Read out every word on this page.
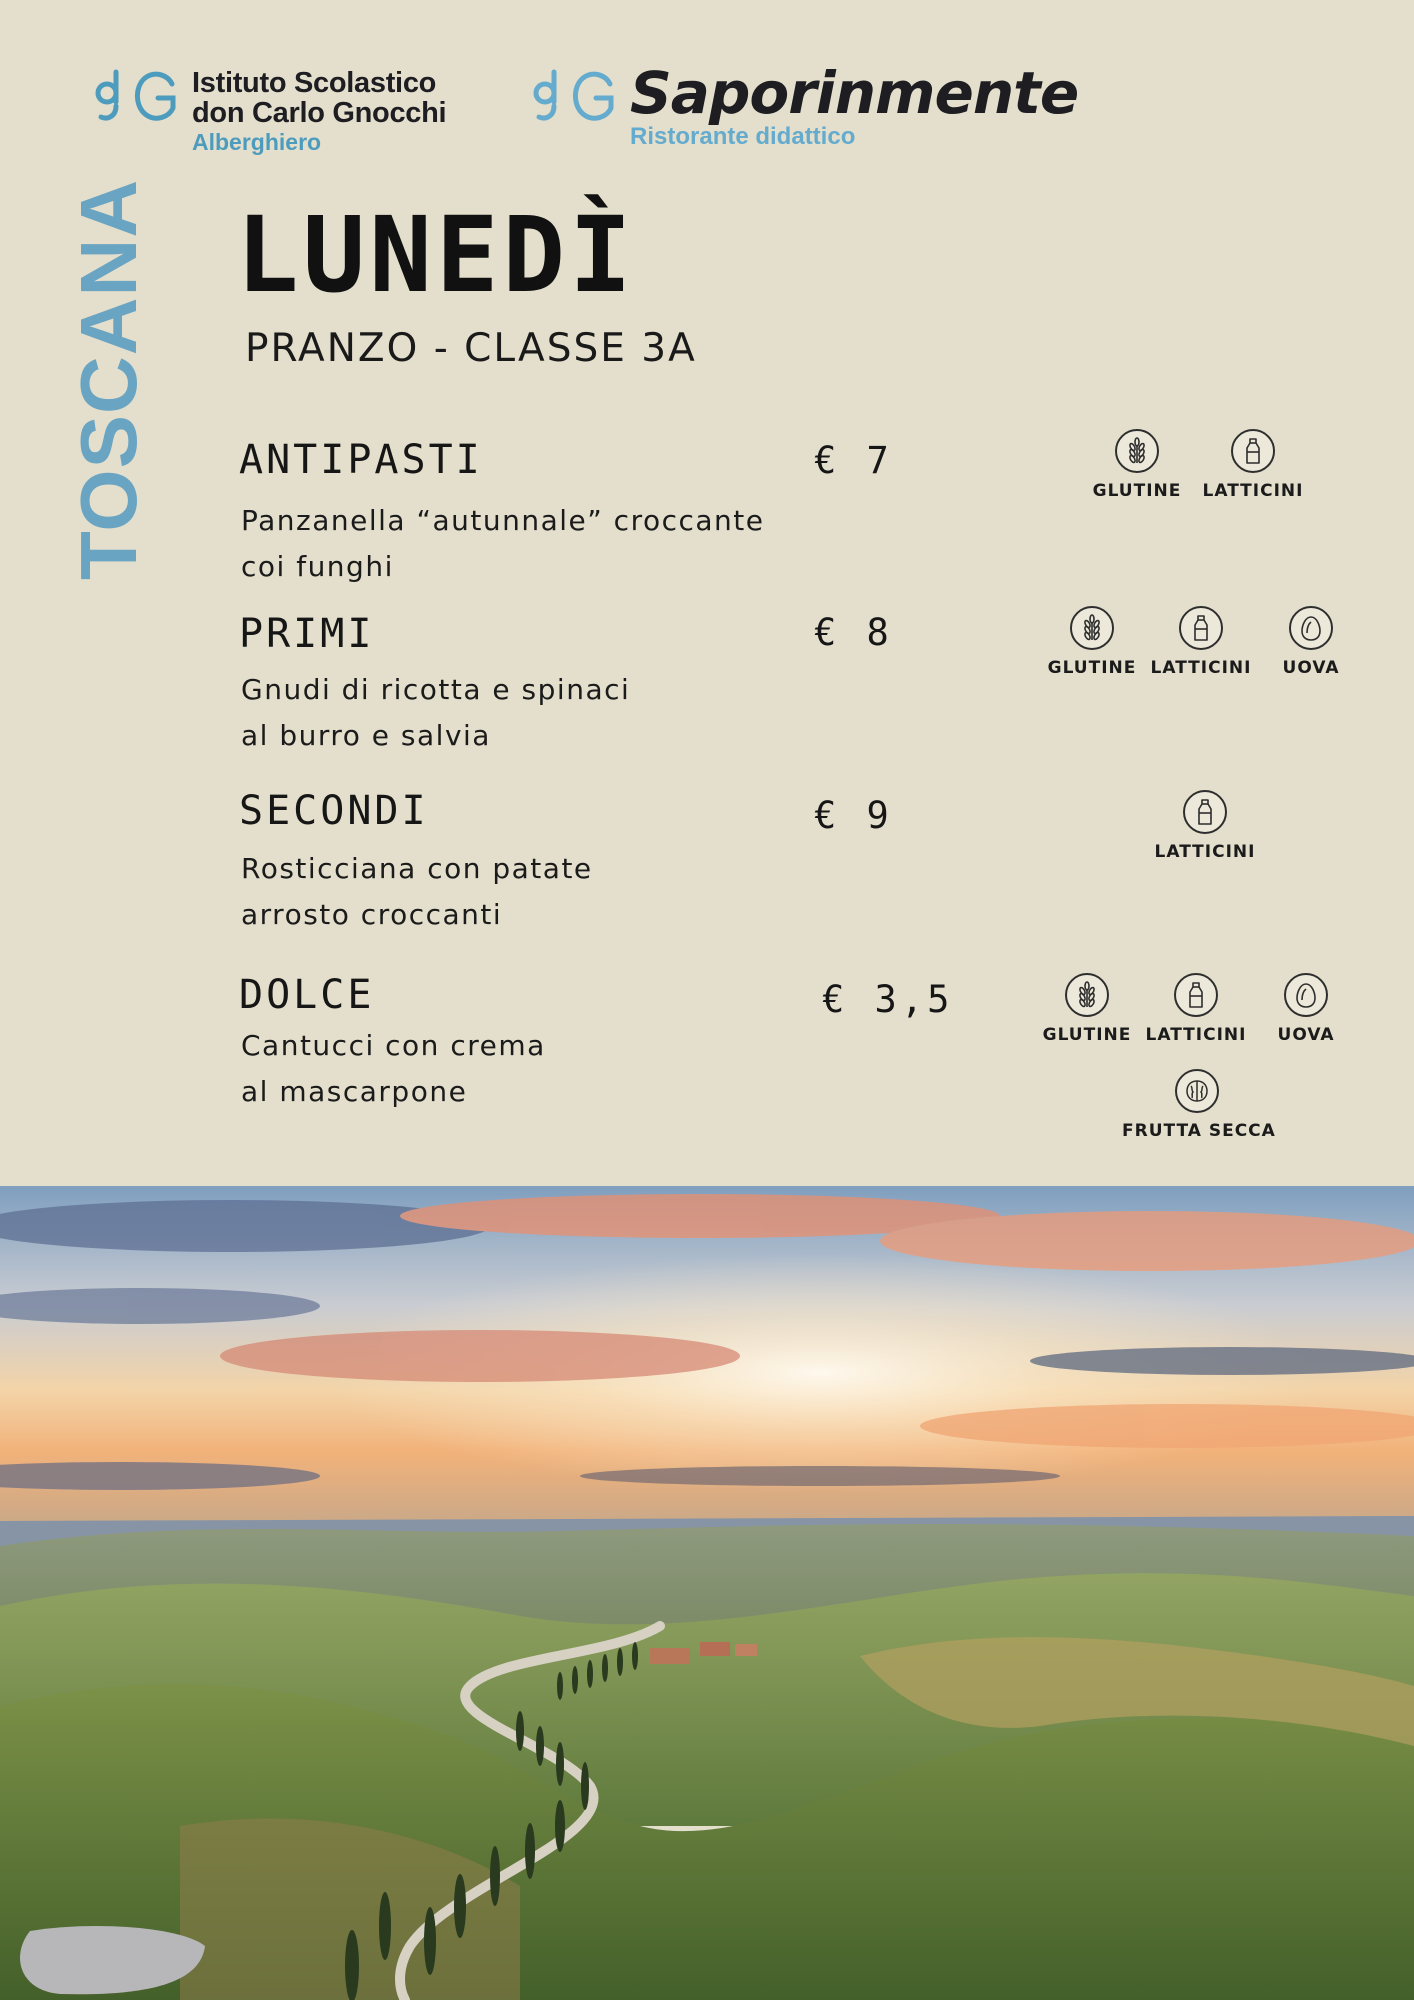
Istituto Scolastico
don Carlo Gnocchi
Alberghiero
Saporinmente
Ristorante didattico
TOSCANA LUNEDÌ
PRANZO - CLASSE 3A
ANTIPASTI	€ 7
Panzanella “autunnale” croccante
coi funghi
GLUTINE	LATTICINI
PRIMI	€ 8
Gnudi di ricotta e spinaci
al burro e salvia
GLUTINE LATTICINI	UOVA
SECONDI	€ 9
Rosticciana con patate
arrosto croccanti
LATTICINI
DOLCE	€ 3,5
Cantucci con crema
al mascarpone
GLUTINE LATTICINI	UOVA
FRUTTA SECCA
